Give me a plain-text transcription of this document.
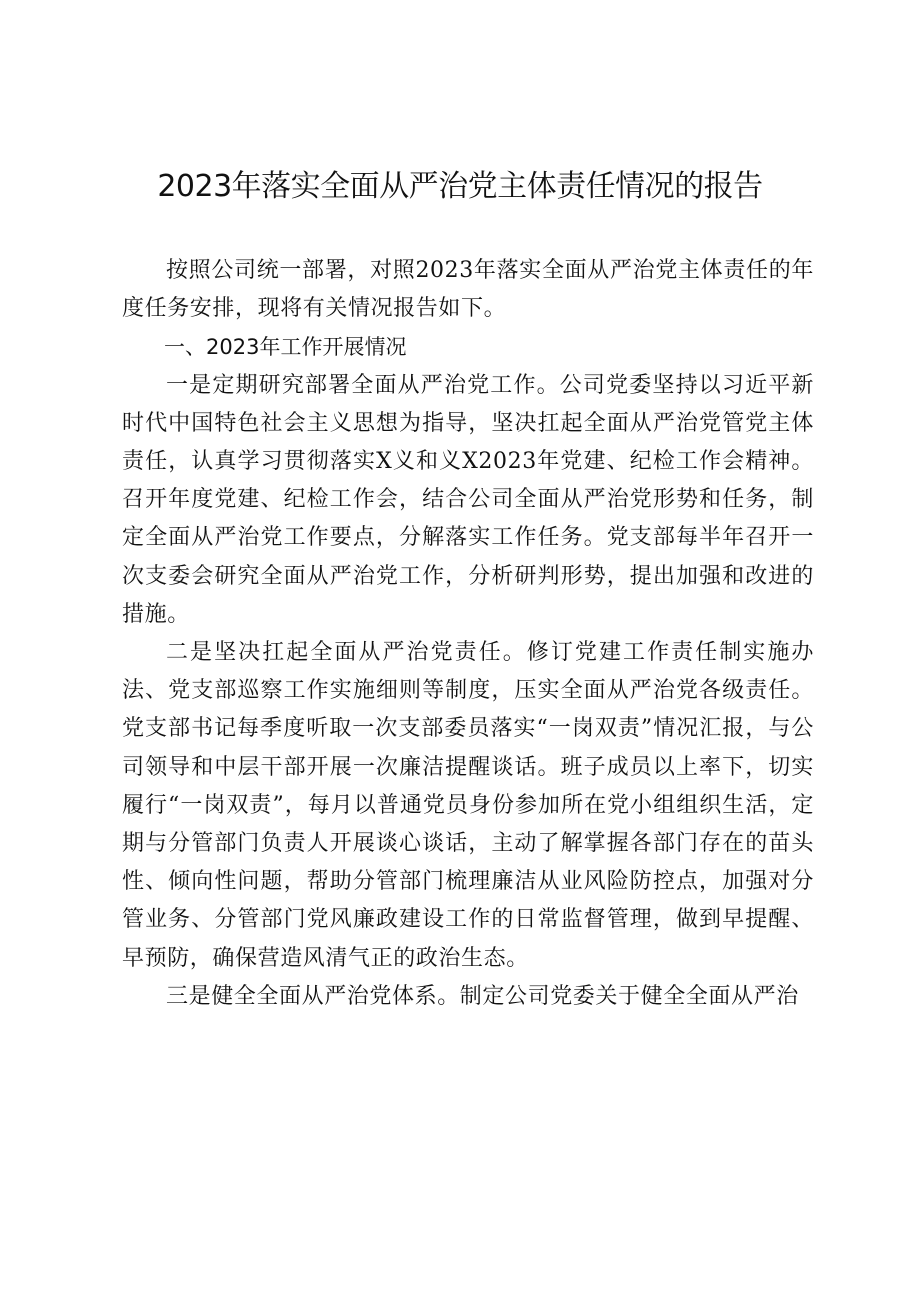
2023年落实全面从严治党主体责任情况的报告

按照公司统一部署，对照2023年落实全面从严治党主体责任的年度任务安排，现将有关情况报告如下。

一、2023年工作开展情况

一是定期研究部署全面从严治党工作。公司党委坚持以习近平新时代中国特色社会主义思想为指导，坚决扛起全面从严治党管党主体责任，认真学习贯彻落实X义和义X2023年党建、纪检工作会精神。召开年度党建、纪检工作会，结合公司全面从严治党形势和任务，制定全面从严治党工作要点，分解落实工作任务。党支部每半年召开一次支委会研究全面从严治党工作，分析研判形势，提出加强和改进的措施。

二是坚决扛起全面从严治党责任。修订党建工作责任制实施办法、党支部巡察工作实施细则等制度，压实全面从严治党各级责任。党支部书记每季度听取一次支部委员落实“一岗双责”情况汇报，与公司领导和中层干部开展一次廉洁提醒谈话。班子成员以上率下，切实履行“一岗双责”，每月以普通党员身份参加所在党小组组织生活，定期与分管部门负责人开展谈心谈话，主动了解掌握各部门存在的苗头性、倾向性问题，帮助分管部门梳理廉洁从业风险防控点，加强对分管业务、分管部门党风廉政建设工作的日常监督管理，做到早提醒、早预防，确保营造风清气正的政治生态。

三是健全全面从严治党体系。制定公司党委关于健全全面从严治
